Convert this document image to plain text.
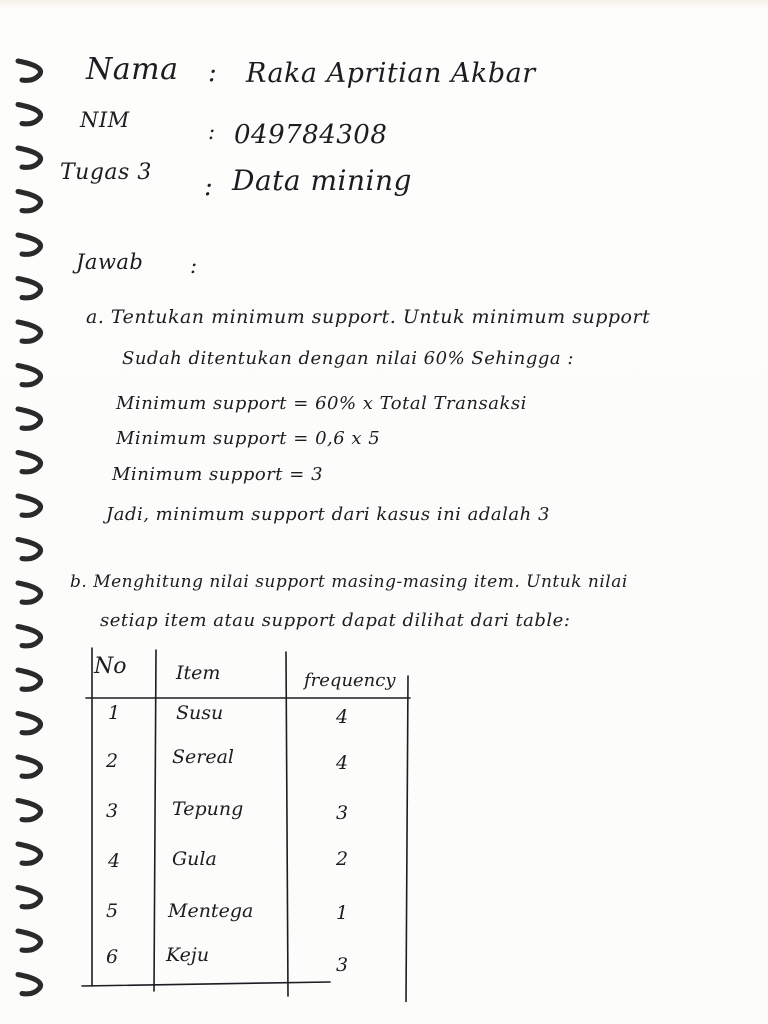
Nama : Raka Apritian Akbar
NIM	: 049784308
Tugas 3 : Data mining
Jawab :
a. Tentukan minimum support. Untuk minimum support
Sudah ditentukan dengan nilai 60% Sehingga :
Minimum support = 60% x Total Transaksi
Minimum support = 0,6 x 5
Minimum support = 3
Jadi, minimum support dari kasus ini adalah 3
b. Menghitung nilai support masing-masing item. Untuk nilai
setiap item atau support dapat dilihat dari table:
No	Item	frequency
1	Susu	4
2	Sereal	4
3	Tepung	3
4	Gula	2
5	Mentega	1
6	Keju	3
